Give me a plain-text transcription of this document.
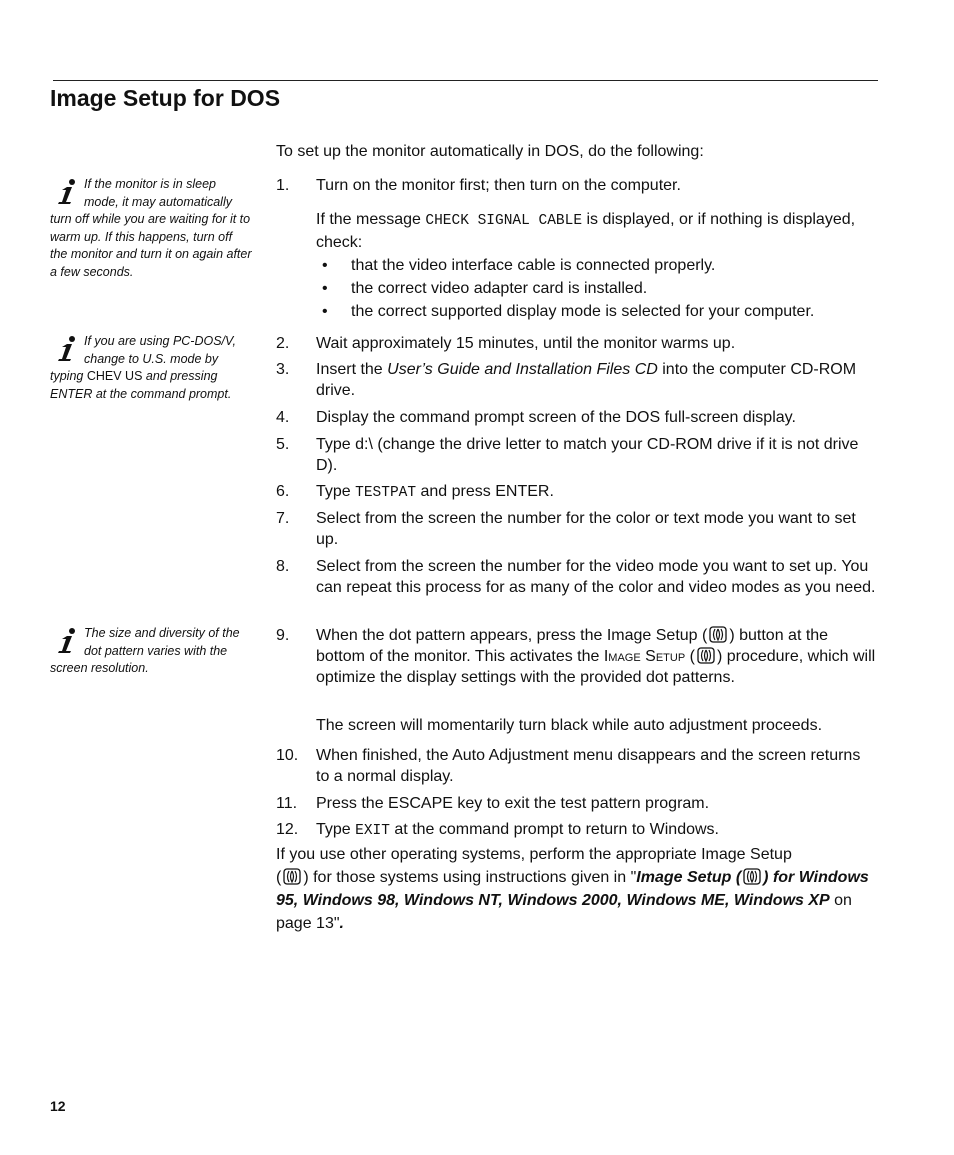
Image Setup for DOS
If the monitor is in sleep mode, it may automatically turn off while you are waiting for it to warm up. If this happens, turn off the monitor and turn it on again after a few seconds.
If you are using PC-DOS/V, change to U.S. mode by typing CHEV US and pressing ENTER at the command prompt.
The size and diversity of the dot pattern varies with the screen resolution.
To set up the monitor automatically in DOS, do the following:
1. Turn on the monitor first; then turn on the computer.
If the message CHECK SIGNAL CABLE is displayed, or if nothing is displayed, check:
• that the video interface cable is connected properly.
• the correct video adapter card is installed.
• the correct supported display mode is selected for your computer.
2. Wait approximately 15 minutes, until the monitor warms up.
3. Insert the User’s Guide and Installation Files CD into the computer CD-ROM drive.
4. Display the command prompt screen of the DOS full-screen display.
5. Type d:\ (change the drive letter to match your CD-ROM drive if it is not drive D).
6. Type TESTPAT and press ENTER.
7. Select from the screen the number for the color or text mode you want to set up.
8. Select from the screen the number for the video mode you want to set up. You can repeat this process for as many of the color and video modes as you need.
9. When the dot pattern appears, press the Image Setup ( ) button at the bottom of the monitor. This activates the Image Setup ( ) procedure, which will optimize the display settings with the provided dot patterns.
The screen will momentarily turn black while auto adjustment proceeds.
10. When finished, the Auto Adjustment menu disappears and the screen returns to a normal display.
11. Press the ESCAPE key to exit the test pattern program.
12. Type EXIT at the command prompt to return to Windows.
If you use other operating systems, perform the appropriate Image Setup
( ) for those systems using instructions given in "Image Setup ( ) for Windows 95, Windows 98, Windows NT, Windows 2000, Windows ME, Windows XP on page 13".
12
